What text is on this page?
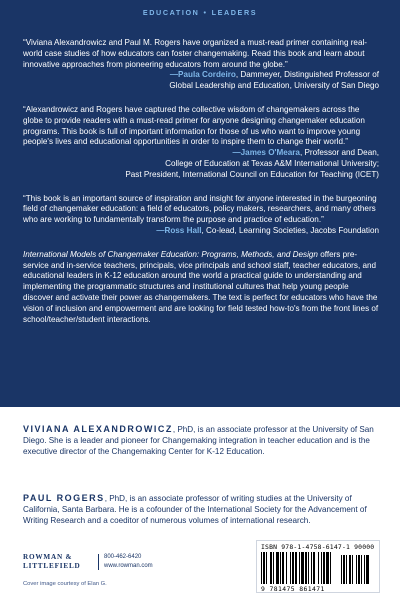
EDUCATION • LEADERS
“Viviana Alexandrowicz and Paul M. Rogers have organized a must-read primer containing real-world case studies of how educators can foster changemaking. Read this book and learn about innovative approaches from pioneering educators from around the globe.”
—Paula Cordeiro, Dammeyer, Distinguished Professor of
Global Leadership and Education, University of San Diego
“Alexandrowicz and Rogers have captured the collective wisdom of changemakers across the globe to provide readers with a must-read primer for anyone designing changemaker education programs. This book is full of important information for those of us who want to improve young people's lives and educational opportunities in order to inspire them to change their world.”
—James O'Meara, Professor and Dean,
College of Education at Texas A&M International University;
Past President, International Council on Education for Teaching (ICET)
“This book is an important source of inspiration and insight for anyone interested in the burgeoning field of changemaker education: a field of educators, policy makers, researchers, and many others who are working to fundamentally transform the purpose and practice of education.”
—Ross Hall, Co-lead, Learning Societies, Jacobs Foundation
International Models of Changemaker Education: Programs, Methods, and Design offers pre-service and in-service teachers, principals, vice principals and school staff, teacher educators, and educational leaders in K-12 education around the world a practical guide to understanding and implementing the programmatic structures and institutional cultures that help young people discover and activate their power as changemakers. The text is perfect for educators who have the vision of inclusion and empowerment and are looking for field tested how-to's from the front lines of school/teacher/student interactions.
VIVIANA ALEXANDROWICZ, PhD, is an associate professor at the University of San Diego. She is a leader and pioneer for Changemaking integration in teacher education and is the executive director of the Changemaking Center for K-12 Education.
PAUL ROGERS, PhD, is an associate professor of writing studies at the University of California, Santa Barbara. He is a cofounder of the International Society for the Advancement of Writing Research and a coeditor of numerous volumes of international research.
ROWMAN &
LITTLEFIELD
800-462-6420
www.rowman.com
Cover image courtesy of Elan G.
ISBN 978-1-4758-6147-1 90000
9 781475 861471
